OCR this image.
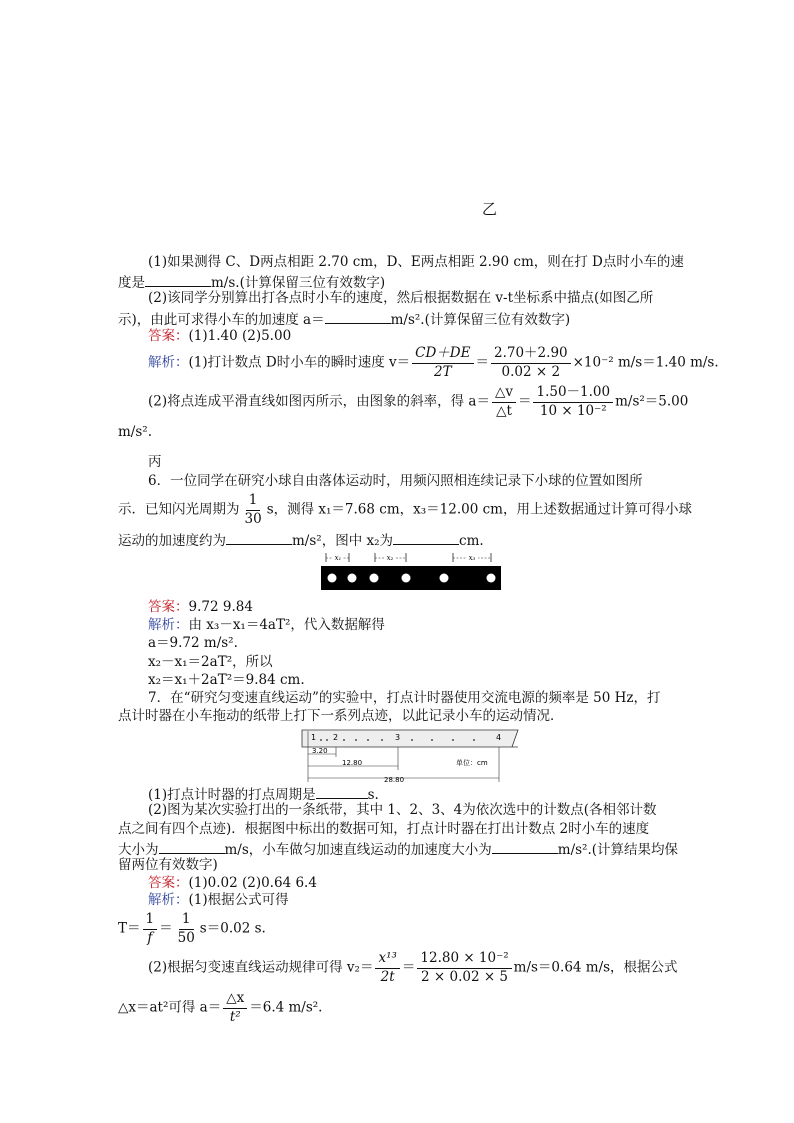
乙
(1)如果测得 C、D两点相距 2.70 cm，D、E两点相距 2.90 cm，则在打 D点时小车的速
度是	m/s.(计算保留三位有效数字)
(2)该同学分别算出打各点时小车的速度，然后根据数据在 v-t坐标系中描点(如图乙所
示)，由此可求得小车的加速度 a＝	m/s².(计算保留三位有效数字)
答案：(1)1.40 (2)5.00
解析：(1)打计数点 D时小车的瞬时速度 $v= \frac{CD+DE}{2T} = \frac{2.70+2.90}{0.02 \times 2} \times 10^{-2}$ m/s＝1.40 m/s.
(2)将点连成平滑直线如图丙所示，由图象的斜率，得 $a= \frac{\triangle v}{\triangle t} = \frac{1.50-1.00}{\text{10 × 10⁻²}} m/s^2=5.00$
m/s².
丙
6．一位同学在研究小球自由落体运动时，用频闪照相连续记录下小球的位置如图所
示．已知闪光周期为 $\frac{1}{30}$ s，测得 x₁＝7.68 cm，x₃＝12.00 cm，用上述数据通过计算可得小球
运动的加速度约为	m/s²，图中 x₂为	cm.
x₁	x₂	x₃
答案：9.72 9.84
解析：由 x₃－x₁＝4aT²，代入数据解得
a＝9.72 m/s².
x₂－x₁＝2aT²，所以
x₂＝x₁＋2aT²＝9.84 cm.
7．在“研究匀变速直线运动”的实验中，打点计时器使用交流电源的频率是 50 Hz，打
点计时器在小车拖动的纸带上打下一系列点迹，以此记录小车的运动情况．
1 2	3	4
3.20
12.80
28.80
单位：cm
(1)打点计时器的打点周期是	s.
(2)图为某次实验打出的一条纸带，其中 1、2、3、4为依次选中的计数点(各相邻计数
点之间有四个点迹)．根据图中标出的数据可知，打点计时器在打出计数点 2时小车的速度
大小为	m/s，小车做匀加速直线运动的加速度大小为	m/s².(计算结果均保
留两位有效数字)
答案：(1)0.02 (2)0.64 6.4
解析：(1)根据公式可得
$T= \frac{1}{f} = \frac{1}{50} s=0.02$ s.
(2)根据匀变速直线运动规律可得 $v_2= \frac{\text{x¹³}}{2t} = \frac{\text{12.80 × 10⁻²}}{2 \times 0.02 \times 5} m/s=0.64$ m/s，根据公式
△x＝at²可得 $a= \frac{\triangle x}{\text{t²}} =6.4$ m/s².
